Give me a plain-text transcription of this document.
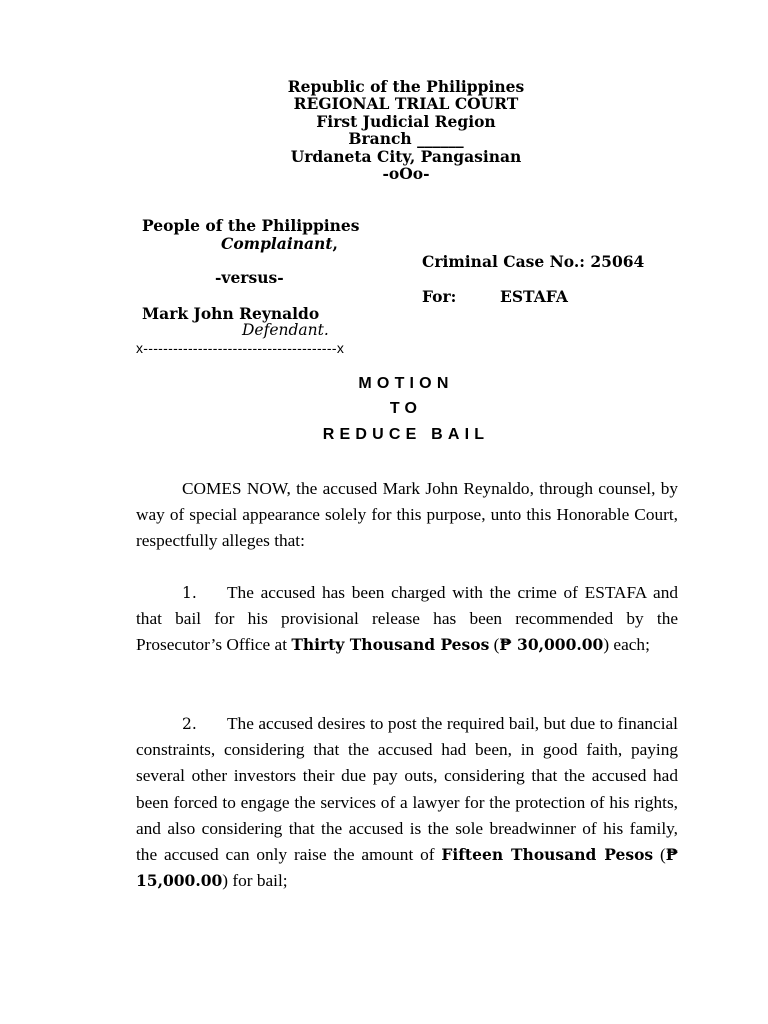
Republic of the Philippines
REGIONAL TRIAL COURT
First Judicial Region
Branch ______
Urdaneta City, Pangasinan
-oOo-
People of the Philippines
Complainant,
-versus-
Mark John Reynaldo
Defendant.
x---------------------------------------x
Criminal Case No.: 25064
For:	ESTAFA
MOTION
TO
REDUCE BAIL

COMES NOW, the accused Mark John Reynaldo, through counsel, by way of special appearance solely for this purpose, unto this Honorable Court, respectfully alleges that:

1. The accused has been charged with the crime of ESTAFA and that bail for his provisional release has been recommended by the Prosecutor’s Office at Thirty Thousand Pesos (₱ 30,000.00) each;

2. The accused desires to post the required bail, but due to financial constraints, considering that the accused had been, in good faith, paying several other investors their due pay outs, considering that the accused had been forced to engage the services of a lawyer for the protection of his rights, and also considering that the accused is the sole breadwinner of his family, the accused can only raise the amount of Fifteen Thousand Pesos (₱ 15,000.00) for bail;
